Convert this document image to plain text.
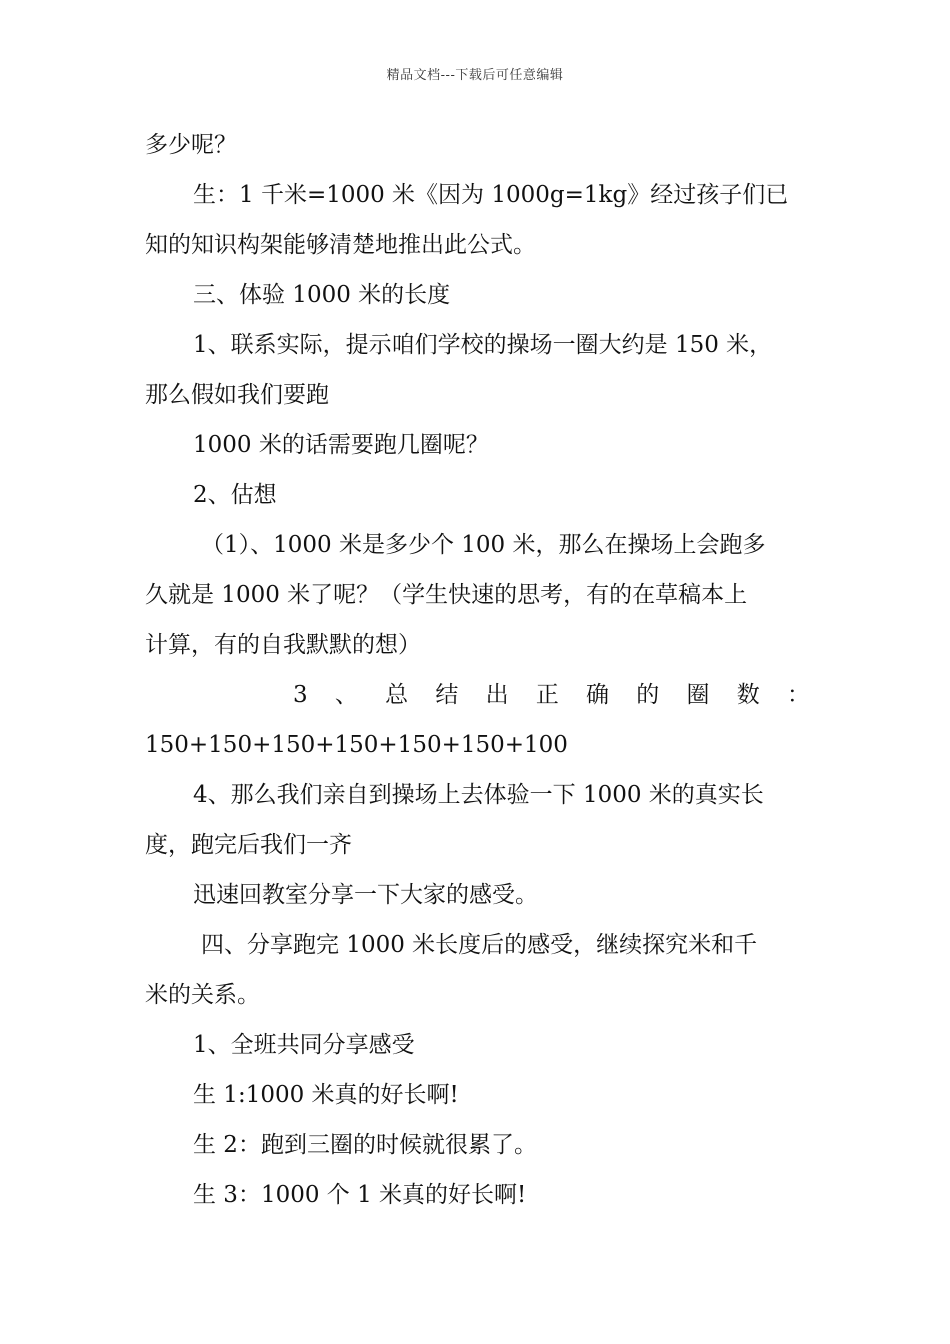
精品文档---下载后可任意编辑
多少呢？
生：1 千米=1000 米《因为 1000g=1kg》经过孩子们已
知的知识构架能够清楚地推出此公式。
三、体验 1000 米的长度
1、联系实际，提示咱们学校的操场一圈大约是 150 米，
那么假如我们要跑
1000 米的话需要跑几圈呢？
2、估想
（1）、1000 米是多少个 100 米，那么在操场上会跑多
久就是 1000 米了呢？（学生快速的思考，有的在草稿本上
计算，有的自我默默的想）
3 、 总 结 出 正 确 的 圈 数 ：
150+150+150+150+150+150+100
4、那么我们亲自到操场上去体验一下 1000 米的真实长
度，跑完后我们一齐
迅速回教室分享一下大家的感受。
四、分享跑完 1000 米长度后的感受，继续探究米和千
米的关系。
1、全班共同分享感受
生 1:1000 米真的好长啊!
生 2：跑到三圈的时候就很累了。
生 3：1000 个 1 米真的好长啊!
